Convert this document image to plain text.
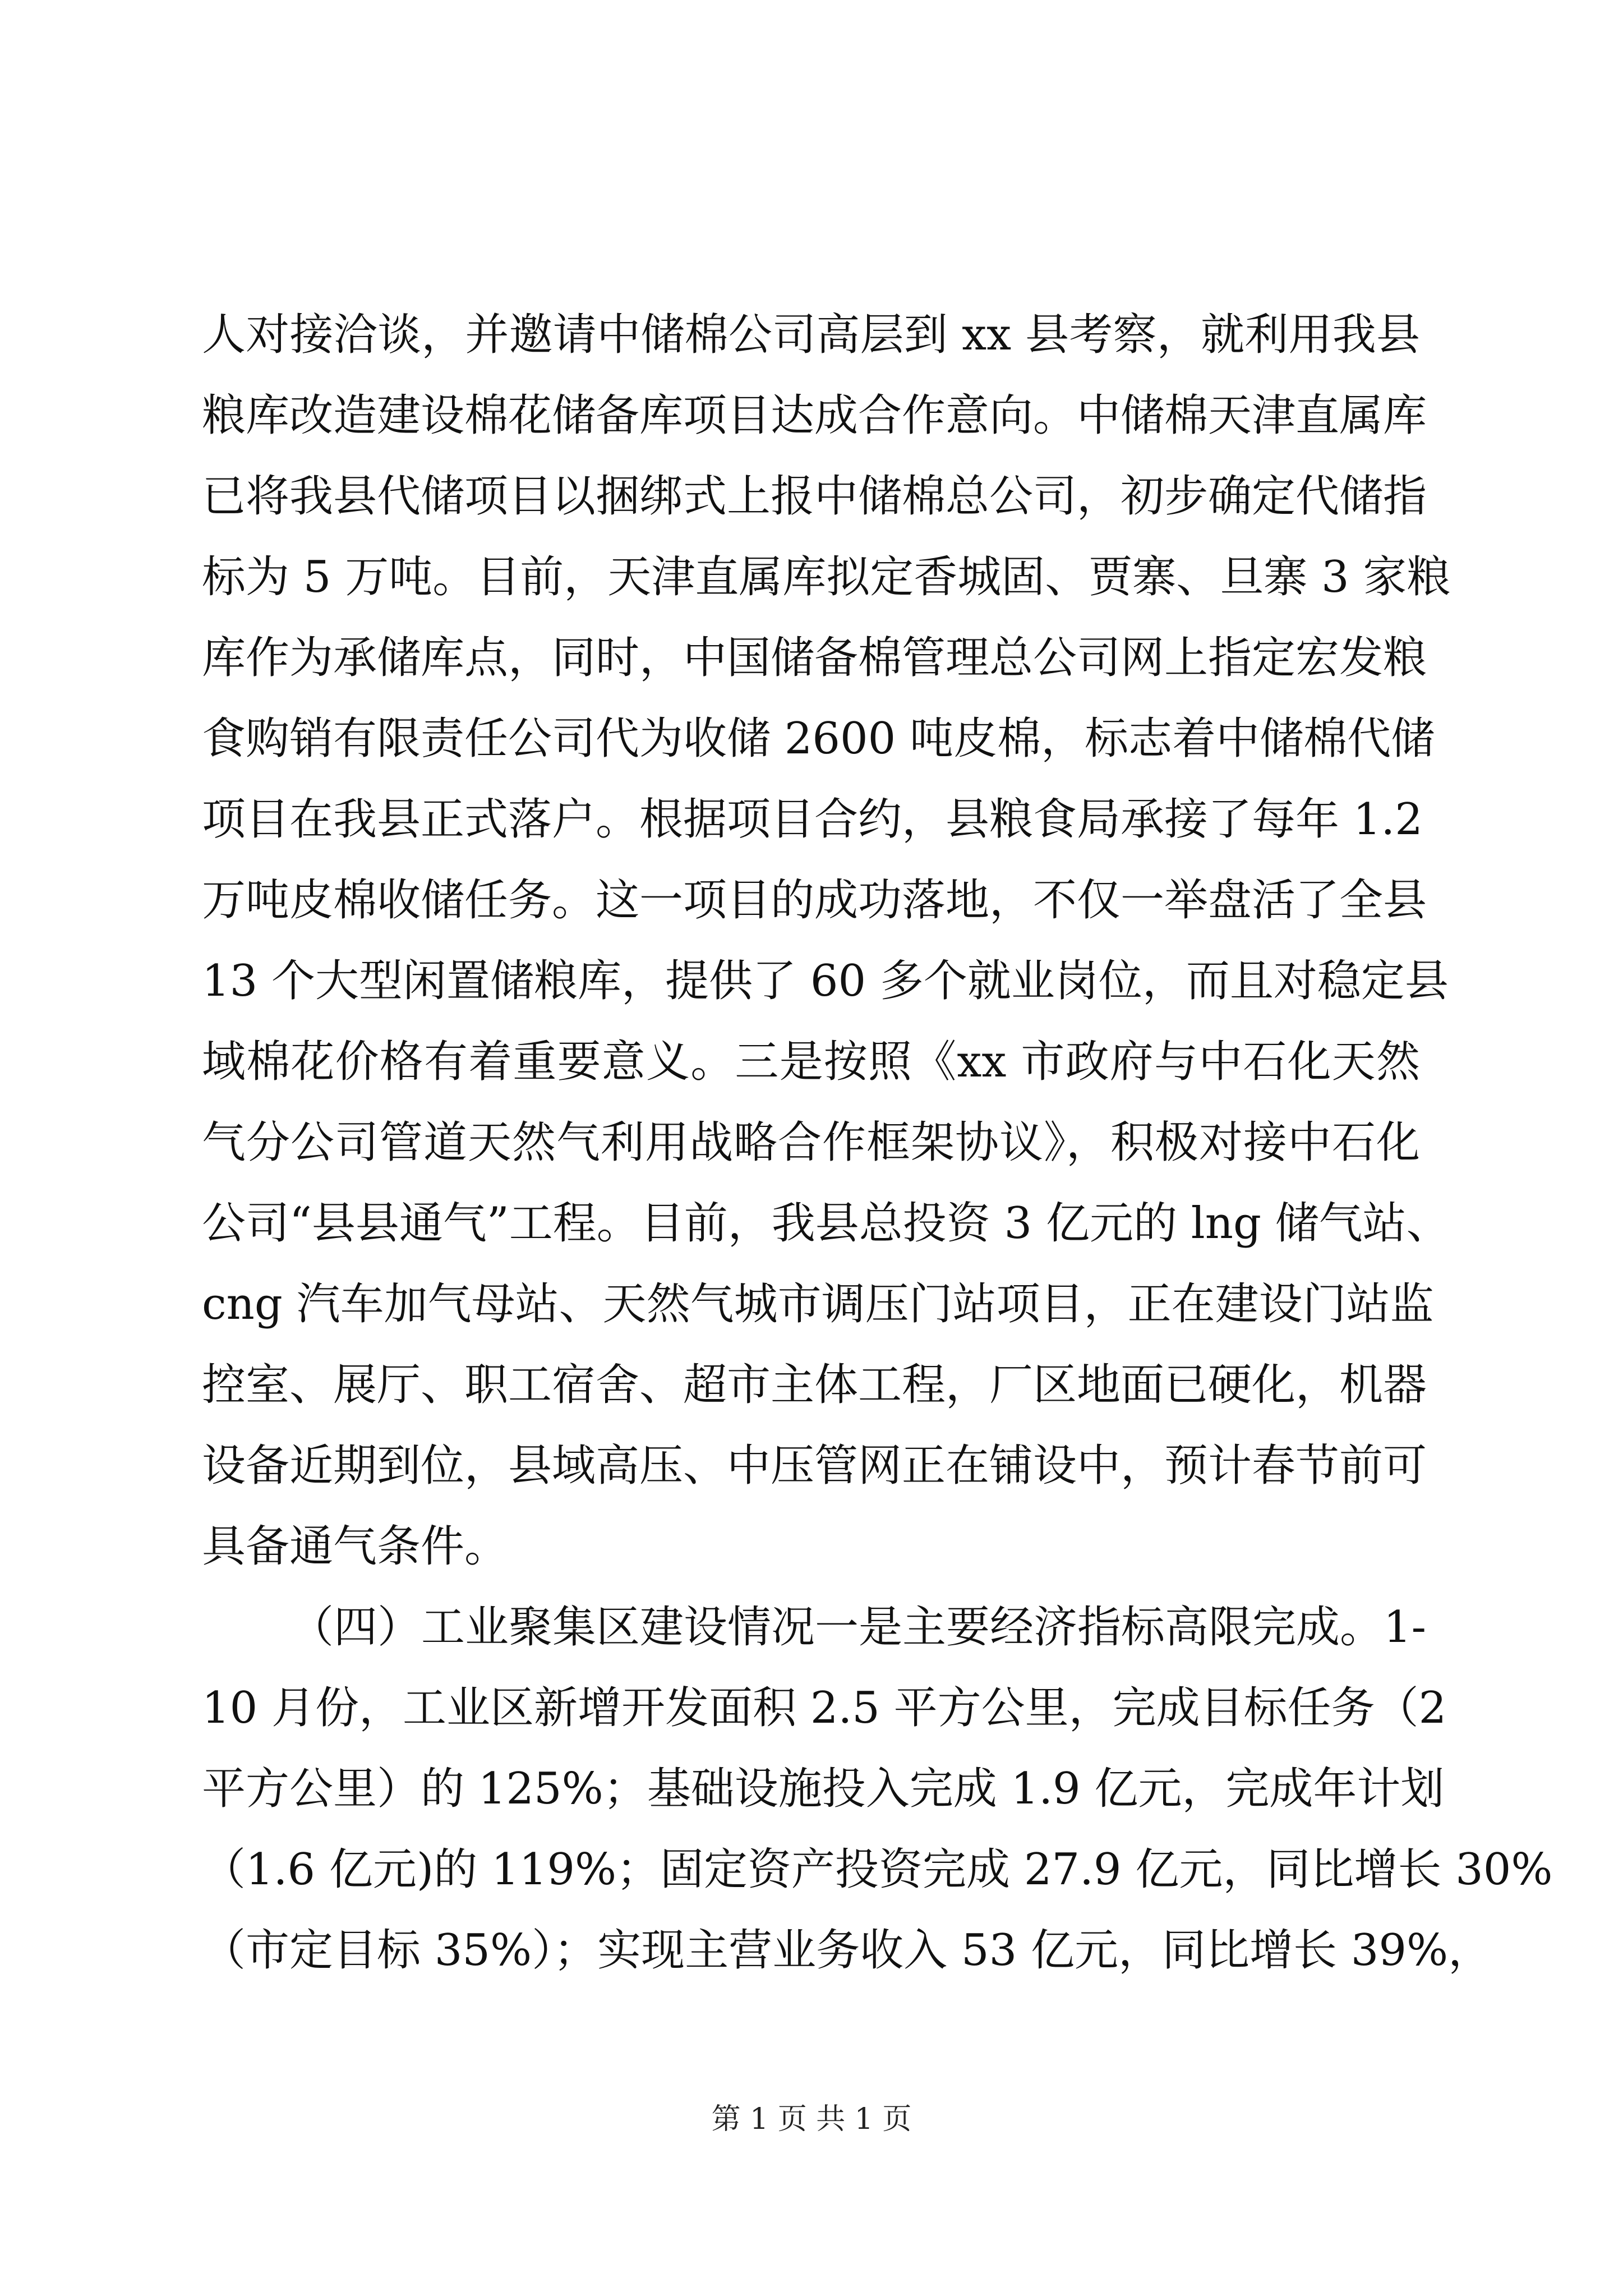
人对接洽谈，并邀请中储棉公司高层到 xx 县考察，就利用我县
粮库改造建设棉花储备库项目达成合作意向。中储棉天津直属库
已将我县代储项目以捆绑式上报中储棉总公司，初步确定代储指
标为 5 万吨。目前，天津直属库拟定香城固、贾寨、旦寨 3 家粮
库作为承储库点，同时，中国储备棉管理总公司网上指定宏发粮
食购销有限责任公司代为收储 2600 吨皮棉，标志着中储棉代储
项目在我县正式落户。根据项目合约，县粮食局承接了每年 1.2
万吨皮棉收储任务。这一项目的成功落地，不仅一举盘活了全县
13 个大型闲置储粮库，提供了 60 多个就业岗位，而且对稳定县
域棉花价格有着重要意义。三是按照《xx 市政府与中石化天然
气分公司管道天然气利用战略合作框架协议》，积极对接中石化
公司“县县通气”工程。目前，我县总投资 3 亿元的 lng 储气站、
cng 汽车加气母站、天然气城市调压门站项目，正在建设门站监
控室、展厅、职工宿舍、超市主体工程，厂区地面已硬化，机器
设备近期到位，县域高压、中压管网正在铺设中，预计春节前可
具备通气条件。
（四）工业聚集区建设情况一是主要经济指标高限完成。1-
10 月份，工业区新增开发面积 2.5 平方公里，完成目标任务（2
平方公里）的 125%；基础设施投入完成 1.9 亿元，完成年计划
（1.6 亿元)的 119%；固定资产投资完成 27.9 亿元，同比增长 30%
（市定目标 35%）；实现主营业务收入 53 亿元，同比增长 39%，
第 1 页 共 1 页
